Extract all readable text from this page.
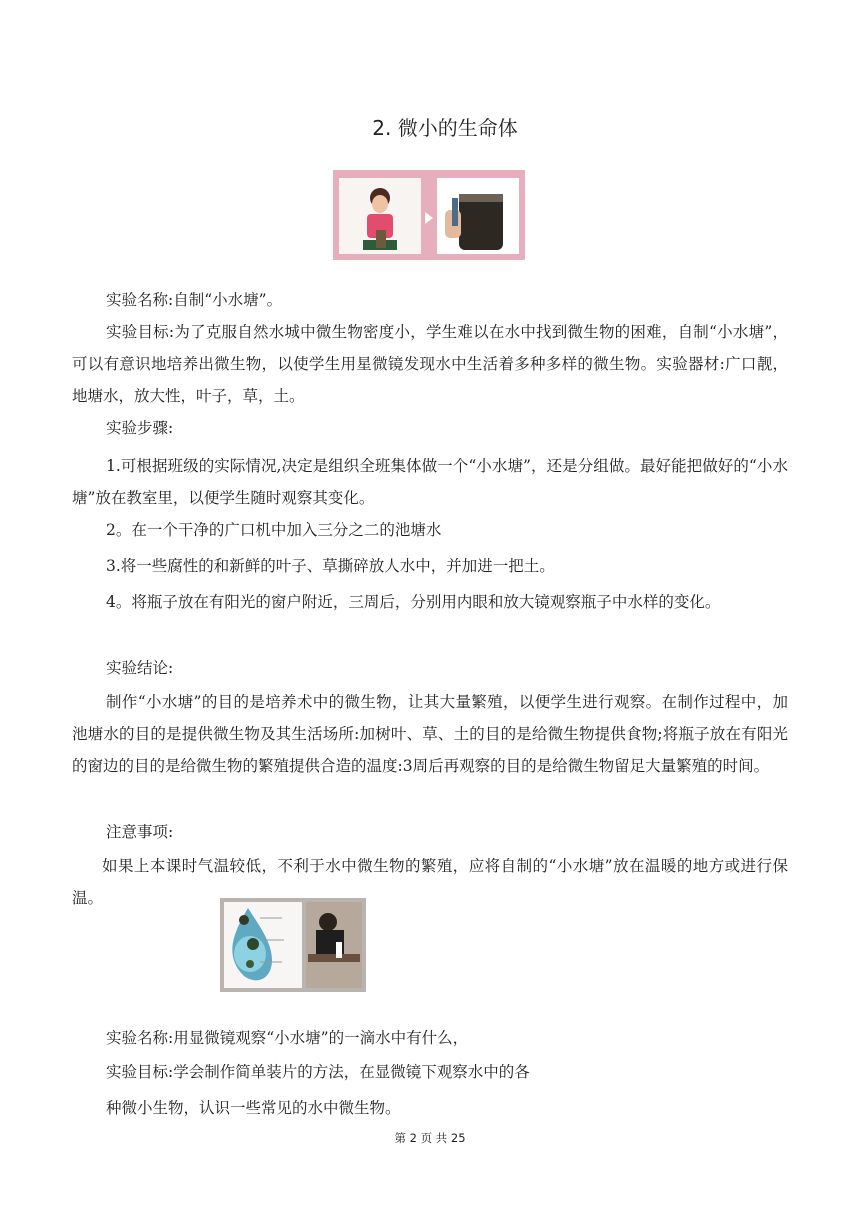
2. 微小的生命体

实验名称:自制“小水塘”。

实验目标:为了克服自然水城中微生物密度小，学生难以在水中找到微生物的困难，自制“小水塘”，可以有意识地培养出微生物，以使学生用星微镜发现水中生活着多种多样的微生物。实验器材:广口靓，地塘水，放大性，叶子，草，土。

实验步骤:

1.可根据班级的实际情况,决定是组织全班集体做一个“小水塘”，还是分组做。最好能把做好的“小水塘”放在教室里，以便学生随时观察其变化。

2。在一个干净的广口机中加入三分之二的池塘水

3.将一些腐性的和新鲜的叶子、草撕碎放人水中，并加进一把土。

4。将瓶子放在有阳光的窗户附近，三周后，分别用内眼和放大镜观察瓶子中水样的变化。

实验结论:

制作“小水塘”的目的是培养术中的微生物，让其大量繁殖，以便学生进行观察。在制作过程中，加池塘水的目的是提供微生物及其生活场所:加树叶、草、土的目的是给微生物提供食物;将瓶子放在有阳光的窗边的目的是给微生物的繁殖提供合造的温度:3周后再观察的目的是给微生物留足大量繁殖的时间。

注意事项:

如果上本课时气温较低，不利于水中微生物的繁殖，应将自制的“小水塘”放在温暖的地方或进行保温。

实验名称:用显微镜观察“小水塘”的一滴水中有什么，

实验目标:学会制作简单装片的方法，在显微镜下观察水中的各

种微小生物，认识一些常见的水中微生物。

第 2 页 共 25
